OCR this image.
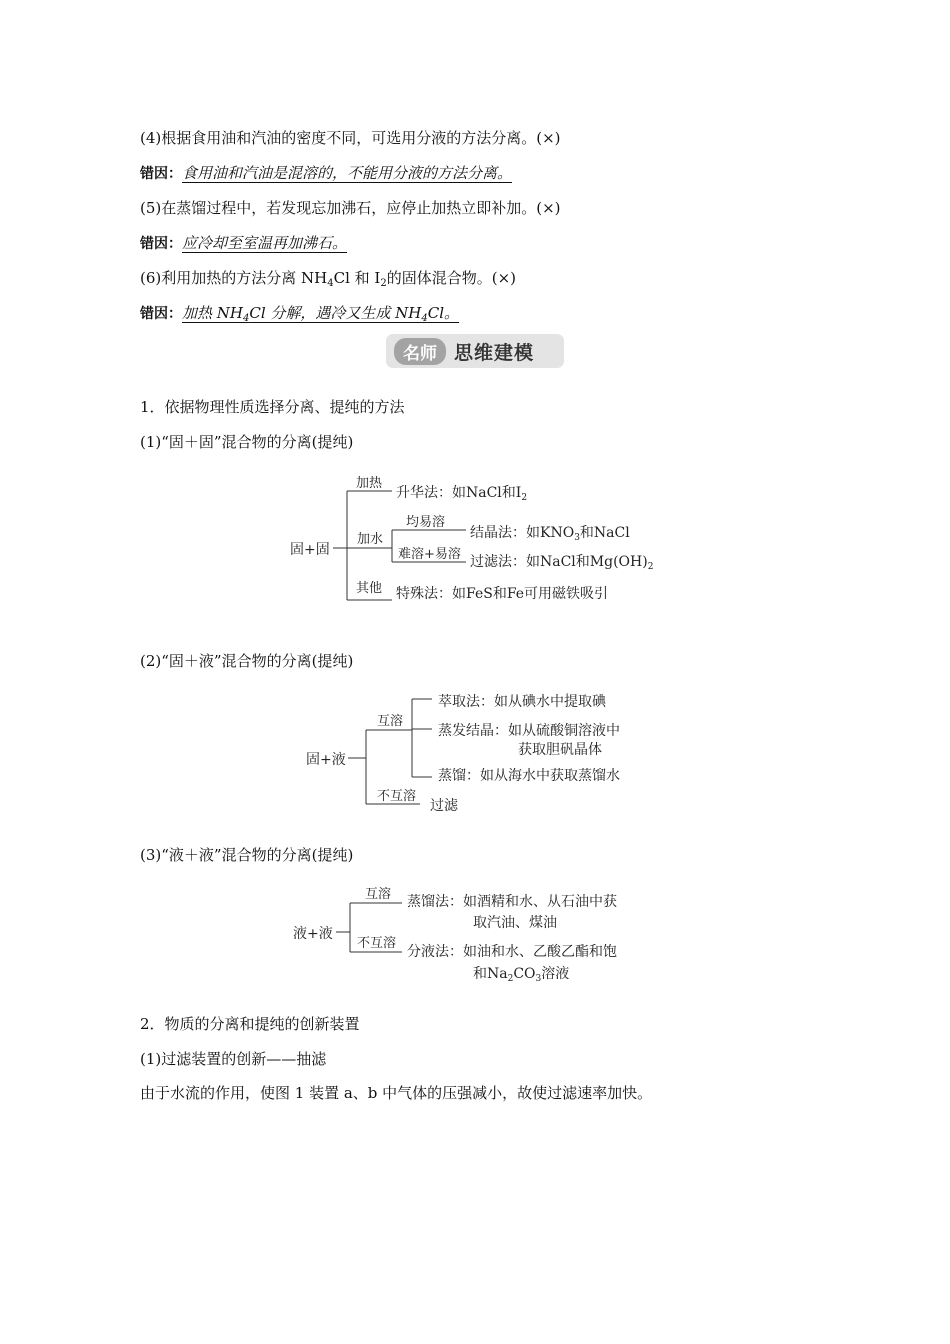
(4)根据食用油和汽油的密度不同，可选用分液的方法分离。(×)
错因：食用油和汽油是混溶的，不能用分液的方法分离。
(5)在蒸馏过程中，若发现忘加沸石，应停止加热立即补加。(×)
错因：应冷却至室温再加沸石。
(6)利用加热的方法分离 $NH_4Cl$ 和 $I_2$的固体混合物。(×)
错因：加热 $NH_4Cl$ 分解，遇冷又生成 $NH_4Cl$。
名师 思维建模
1．依据物理性质选择分离、提纯的方法
(1)“固＋固”混合物的分离(提纯)
固+固
加热
升华法：如NaCl和$I_2$
加水
均易溶
结晶法：如$KNO_3$和NaCl
难溶+易溶 过滤法：如NaCl和$Mg(OH)_2$
其他 特殊法：如FeS和Fe可用磁铁吸引
(2)“固＋液”混合物的分离(提纯)
固+液
互溶
萃取法：如从碘水中提取碘
蒸发结晶：如从硫酸铜溶液中
获取胆矾晶体
蒸馏：如从海水中获取蒸馏水
不互溶
过滤
(3)“液＋液”混合物的分离(提纯)
液+液
互溶 蒸馏法：如酒精和水、从石油中获
取汽油、煤油
不互溶
分液法：如油和水、乙酸乙酯和饱
和$Na_2CO_3$溶液
2．物质的分离和提纯的创新装置
(1)过滤装置的创新——抽滤
由于水流的作用，使图 1 装置 a、b 中气体的压强减小，故使过滤速率加快。
